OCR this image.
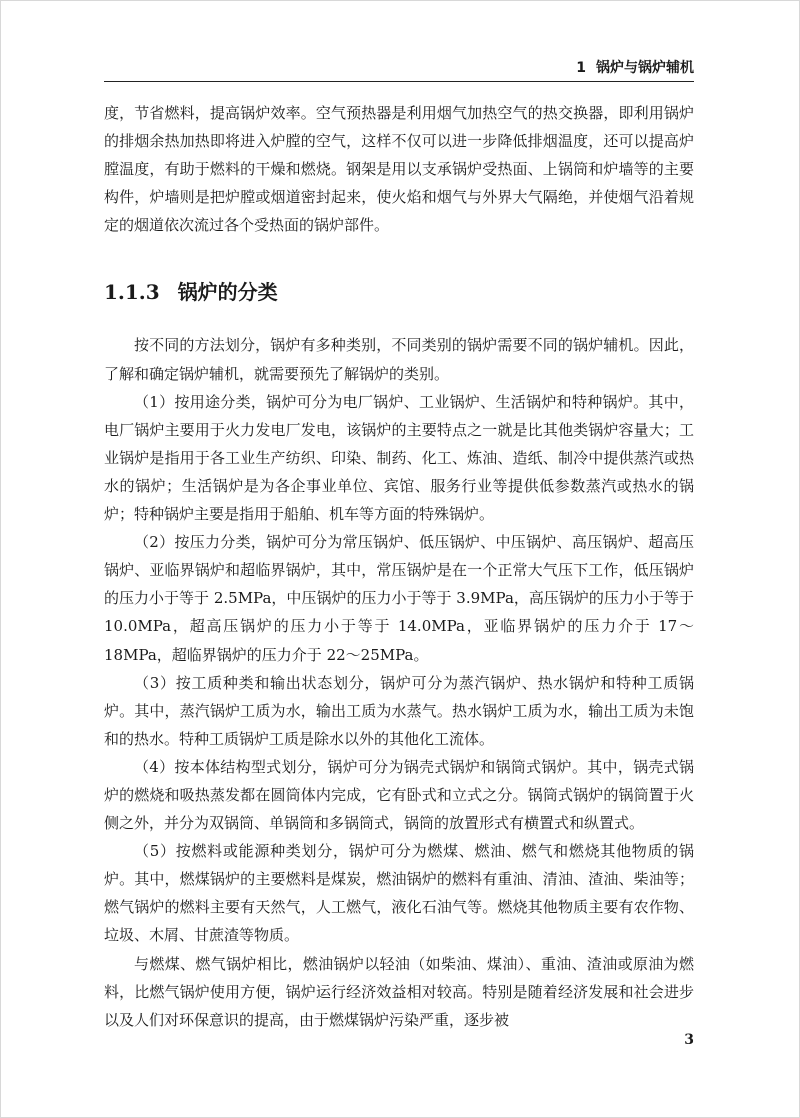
1 锅炉与锅炉辅机

度，节省燃料，提高锅炉效率。空气预热器是利用烟气加热空气的热交换器，即利用锅炉的排烟余热加热即将进入炉膛的空气，这样不仅可以进一步降低排烟温度，还可以提高炉膛温度，有助于燃料的干燥和燃烧。钢架是用以支承锅炉受热面、上锅筒和炉墙等的主要构件，炉墙则是把炉膛或烟道密封起来，使火焰和烟气与外界大气隔绝，并使烟气沿着规定的烟道依次流过各个受热面的锅炉部件。

1.1.3 锅炉的分类

按不同的方法划分，锅炉有多种类别，不同类别的锅炉需要不同的锅炉辅机。因此，了解和确定锅炉辅机，就需要预先了解锅炉的类别。

（1）按用途分类，锅炉可分为电厂锅炉、工业锅炉、生活锅炉和特种锅炉。其中，电厂锅炉主要用于火力发电厂发电，该锅炉的主要特点之一就是比其他类锅炉容量大；工业锅炉是指用于各工业生产纺织、印染、制药、化工、炼油、造纸、制冷中提供蒸汽或热水的锅炉；生活锅炉是为各企事业单位、宾馆、服务行业等提供低参数蒸汽或热水的锅炉；特种锅炉主要是指用于船舶、机车等方面的特殊锅炉。

（2）按压力分类，锅炉可分为常压锅炉、低压锅炉、中压锅炉、高压锅炉、超高压锅炉、亚临界锅炉和超临界锅炉，其中，常压锅炉是在一个正常大气压下工作，低压锅炉的压力小于等于 2.5MPa，中压锅炉的压力小于等于 3.9MPa，高压锅炉的压力小于等于 10.0MPa，超高压锅炉的压力小于等于 14.0MPa，亚临界锅炉的压力介于 17～18MPa，超临界锅炉的压力介于 22～25MPa。

（3）按工质种类和输出状态划分，锅炉可分为蒸汽锅炉、热水锅炉和特种工质锅炉。其中，蒸汽锅炉工质为水，输出工质为水蒸气。热水锅炉工质为水，输出工质为未饱和的热水。特种工质锅炉工质是除水以外的其他化工流体。

（4）按本体结构型式划分，锅炉可分为锅壳式锅炉和锅筒式锅炉。其中，锅壳式锅炉的燃烧和吸热蒸发都在圆筒体内完成，它有卧式和立式之分。锅筒式锅炉的锅筒置于火侧之外，并分为双锅筒、单锅筒和多锅筒式，锅筒的放置形式有横置式和纵置式。

（5）按燃料或能源种类划分，锅炉可分为燃煤、燃油、燃气和燃烧其他物质的锅炉。其中，燃煤锅炉的主要燃料是煤炭，燃油锅炉的燃料有重油、清油、渣油、柴油等；燃气锅炉的燃料主要有天然气，人工燃气，液化石油气等。燃烧其他物质主要有农作物、垃圾、木屑、甘蔗渣等物质。

与燃煤、燃气锅炉相比，燃油锅炉以轻油（如柴油、煤油）、重油、渣油或原油为燃料，比燃气锅炉使用方便，锅炉运行经济效益相对较高。特别是随着经济发展和社会进步以及人们对环保意识的提高，由于燃煤锅炉污染严重，逐步被

3
